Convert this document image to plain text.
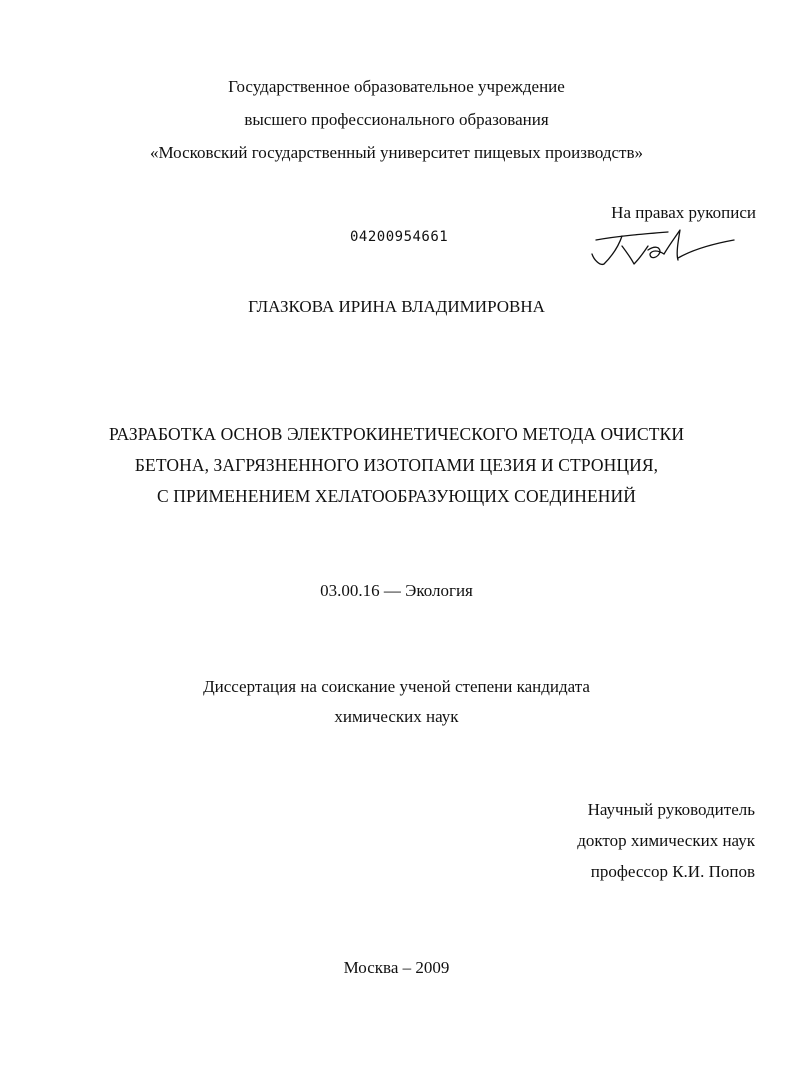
Государственное образовательное учреждение
высшего профессионального образования
«Московский государственный университет пищевых производств»
На правах рукописи
04200954661
ГЛАЗКОВА ИРИНА ВЛАДИМИРОВНА
РАЗРАБОТКА ОСНОВ ЭЛЕКТРОКИНЕТИЧЕСКОГО МЕТОДА ОЧИСТКИ
БЕТОНА, ЗАГРЯЗНЕННОГО ИЗОТОПАМИ ЦЕЗИЯ И СТРОНЦИЯ,
С ПРИМЕНЕНИЕМ ХЕЛАТООБРАЗУЮЩИХ СОЕДИНЕНИЙ
03.00.16 — Экология
Диссертация на соискание ученой степени кандидата
химических наук
Научный руководитель
доктор химических наук
профессор К.И. Попов
Москва – 2009
